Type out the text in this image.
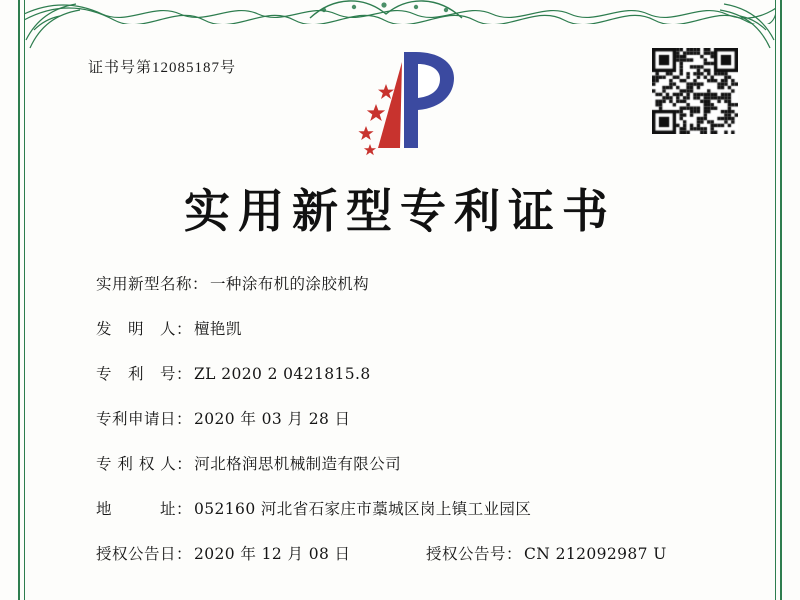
证书号第12085187号
实用新型专利证书
实用新型名称： 一种涂布机的涂胶机构
发　明　人： 檀艳凯
专　利　号： ZL 2020 2 0421815.8
专利申请日： 2020 年 03 月 28 日
专 利 权 人： 河北格润思机械制造有限公司
地　　　址： 052160 河北省石家庄市藁城区岗上镇工业园区
授权公告日： 2020 年 12 月 08 日	授权公告号： CN 212092987 U
